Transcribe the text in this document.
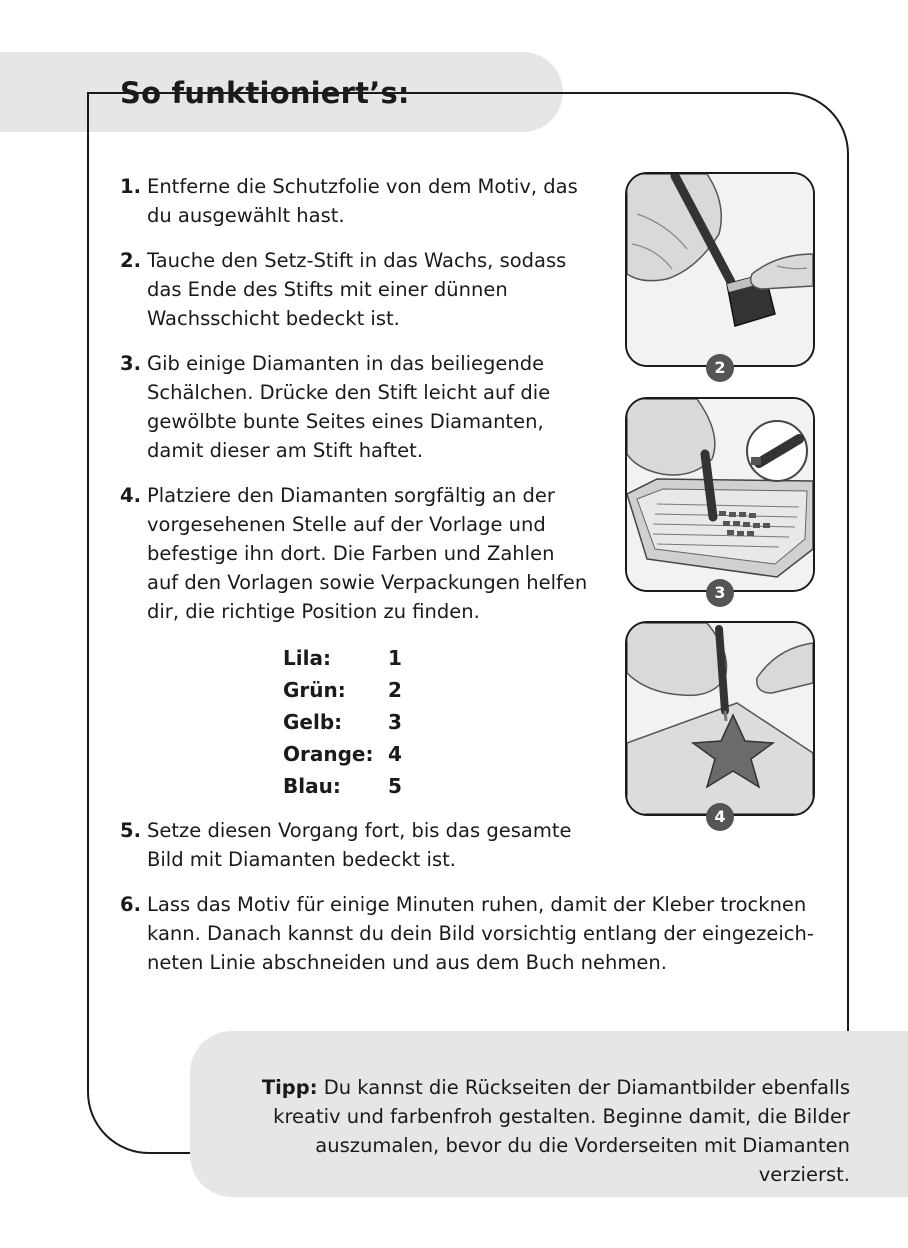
So funktioniert’s:
1. Entferne die Schutzfolie von dem Motiv, das du ausgewählt hast.
2. Tauche den Setz-Stift in das Wachs, sodass das Ende des Stifts mit einer dünnen Wachsschicht bedeckt ist.
3. Gib einige Diamanten in das beiliegende Schälchen. Drücke den Stift leicht auf die gewölbte bunte Seites eines Diamanten, damit dieser am Stift haftet.
4. Platziere den Diamanten sorgfältig an der vorgesehenen Stelle auf der Vorlage und befestige ihn dort. Die Farben und Zahlen auf den Vorlagen sowie Verpackungen helfen dir, die richtige Position zu finden.
Lila:	1
Grün:	2
Gelb:	3
Orange:	4
Blau:	5
5. Setze diesen Vorgang fort, bis das gesamte Bild mit Diamanten bedeckt ist.
6. Lass das Motiv für einige Minuten ruhen, damit der Kleber trocknen kann. Danach kannst du dein Bild vorsichtig entlang der eingezeich-neten Linie abschneiden und aus dem Buch nehmen.
2
3
4

Tipp: Du kannst die Rückseiten der Diamantbilder ebenfalls kreativ und farbenfroh gestalten. Beginne damit, die Bilder auszumalen, bevor du die Vorderseiten mit Diamanten verzierst.
